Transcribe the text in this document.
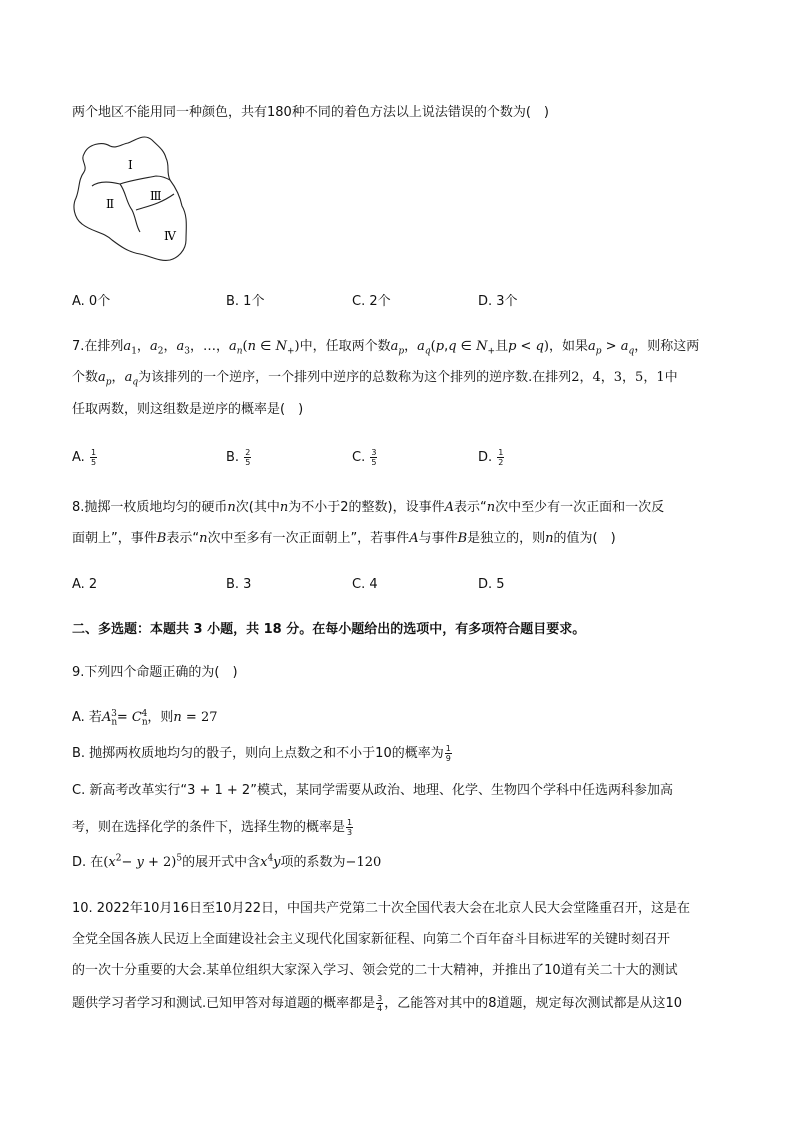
两个地区不能用同一种颜色，共有180种不同的着色方法以上说法错误的个数为(　)
Ⅰ
Ⅱ
Ⅲ
Ⅳ
A. 0个	B. 1个	C. 2个	D. 3个
7.在排列$a_1$，$a_2$，$a_3$，…，$a_n(n$ ∈ $N_+$)中，任取两个数$a_p$，$a_q(p,q$ ∈ $N_+$且p < q)，如果$a_p > a_q$，则称这两
个数$a_p$，$a_q$为该排列的一个逆序，一个排列中逆序的总数称为这个排列的逆序数.在排列2，4，3，5，1中
任取两数，则这组数是逆序的概率是(　)
A. $\frac{1}{5}$	B. $\frac{2}{5}$	C. $\frac{3}{5}$	D. $\frac{1}{2}$
8.抛掷一枚质地均匀的硬币n次(其中n为不小于2的整数)，设事件A表示“n次中至少有一次正面和一次反
面朝上”，事件B表示“n次中至多有一次正面朝上”，若事件A与事件B是独立的，则n的值为(　)
A. 2	B. 3	C. 4	D. 5
二、多选题：本题共 3 小题，共 18 分。在每小题给出的选项中，有多项符合题目要求。
9.下列四个命题正确的为(　)
A. 若$A_n^3= C_n^4$，则n = 27
B. 抛掷两枚质地均匀的骰子，则向上点数之和不小于10的概率为 $\frac{1}{9}$
C. 新高考改革实行“3 + 1 + 2”模式，某同学需要从政治、地理、化学、生物四个学科中任选两科参加高
考，则在选择化学的条件下，选择生物的概率是 $\frac{1}{3}$
D. 在$(x^2- y + 2)^5$的展开式中含$x^4y$项的系数为−120
10. 2022年10月16日至10月22日，中国共产党第二十次全国代表大会在北京人民大会堂隆重召开，这是在
全党全国各族人民迈上全面建设社会主义现代化国家新征程、向第二个百年奋斗目标进军的关键时刻召开
的一次十分重要的大会.某单位组织大家深入学习、领会党的二十大精神，并推出了10道有关二十大的测试
题供学习者学习和测试.已知甲答对每道题的概率都是 $\frac{3}{4}$ ，乙能答对其中的8道题，规定每次测试都是从这10
